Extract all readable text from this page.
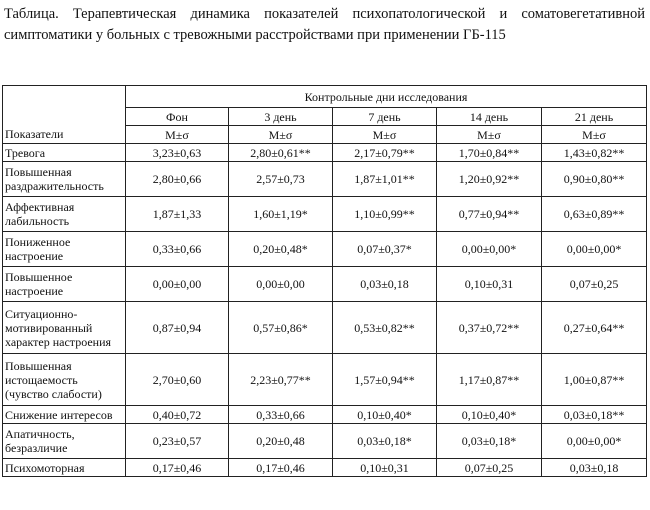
Таблица. Терапевтическая динамика показателей психопатологической и соматовегетативной симптоматики у больных с тревожными расстройствами при применении ГБ-115
	Контрольные дни исследования				
	Фон	3 день	7 день	14 день	21 день
Показатели	M±σ	M±σ	M±σ	M±σ	M±σ
Тревога	3,23±0,63	2,80±0,61**	2,17±0,79**	1,70±0,84**	1,43±0,82**
Повышенная раздражительность	2,80±0,66	2,57±0,73	1,87±1,01**	1,20±0,92**	0,90±0,80**
Аффективная лабильность	1,87±1,33	1,60±1,19*	1,10±0,99**	0,77±0,94**	0,63±0,89**
Пониженное настроение	0,33±0,66	0,20±0,48*	0,07±0,37*	0,00±0,00*	0,00±0,00*
Повышенное настроение	0,00±0,00	0,00±0,00	0,03±0,18	0,10±0,31	0,07±0,25
Ситуационно-мотивированный характер настроения	0,87±0,94	0,57±0,86*	0,53±0,82**	0,37±0,72**	0,27±0,64**
Повышенная истощаемость (чувство слабости)	2,70±0,60	2,23±0,77**	1,57±0,94**	1,17±0,87**	1,00±0,87**
Снижение интересов	0,40±0,72	0,33±0,66	0,10±0,40*	0,10±0,40*	0,03±0,18**
Апатичность, безразличие	0,23±0,57	0,20±0,48	0,03±0,18*	0,03±0,18*	0,00±0,00*
Психомоторная	0,17±0,46	0,17±0,46	0,10±0,31	0,07±0,25	0,03±0,18
